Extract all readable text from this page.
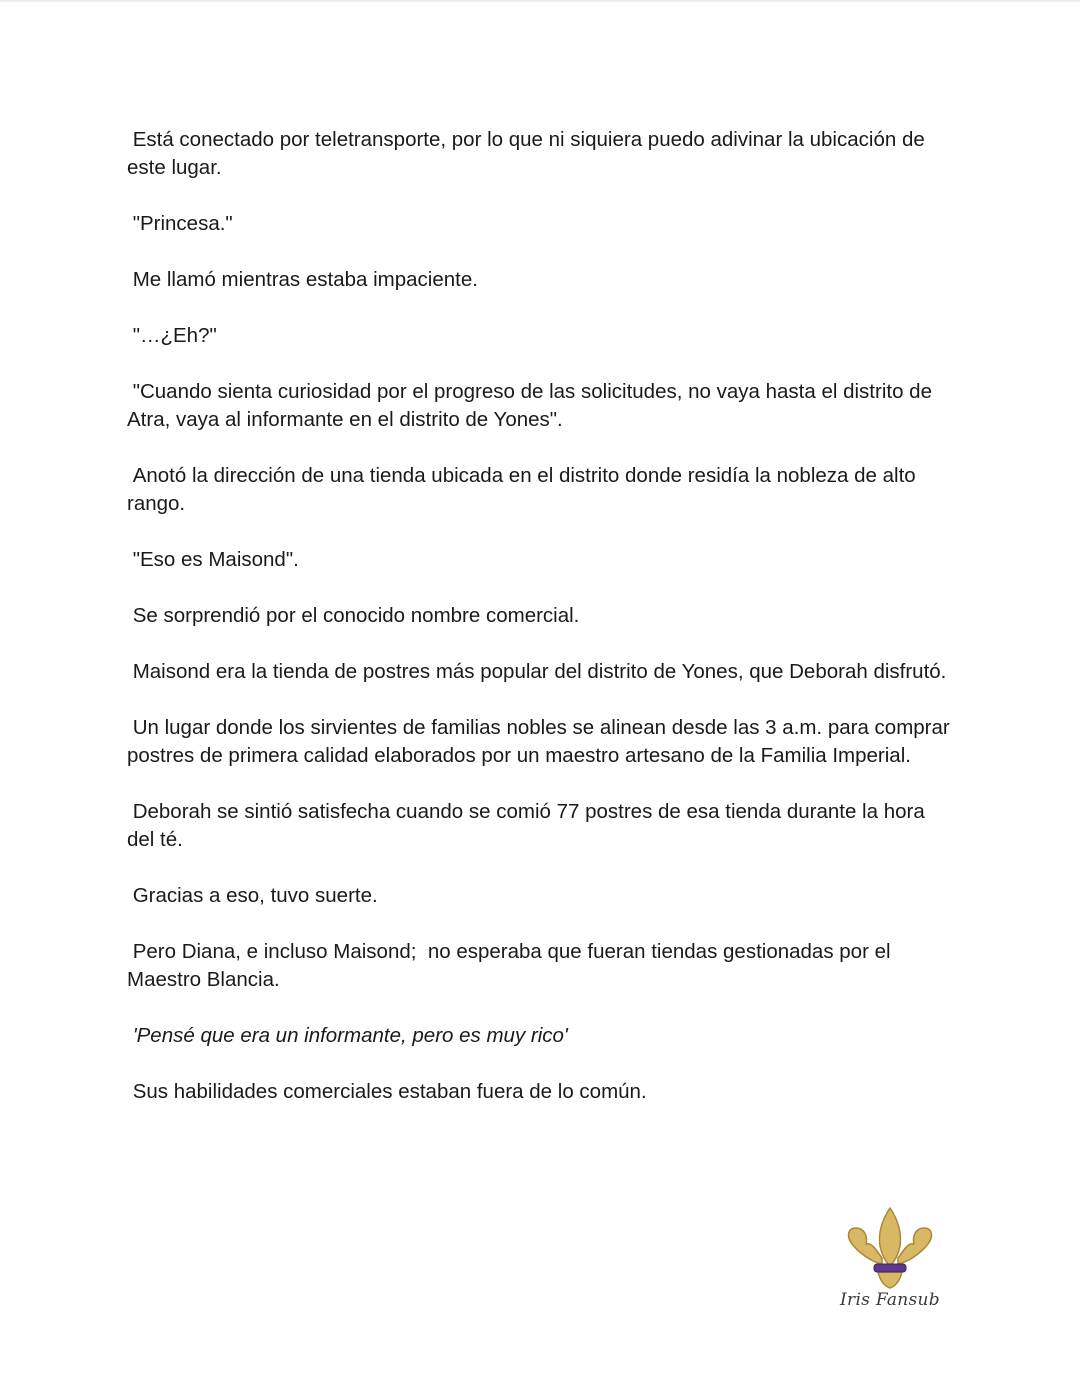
Está conectado por teletransporte, por lo que ni siquiera puedo adivinar la ubicación de este lugar.

"Princesa."

Me llamó mientras estaba impaciente.

"…¿Eh?"

"Cuando sienta curiosidad por el progreso de las solicitudes, no vaya hasta el distrito de Atra, vaya al informante en el distrito de Yones".

Anotó la dirección de una tienda ubicada en el distrito donde residía la nobleza de alto rango.

"Eso es Maisond".

Se sorprendió por el conocido nombre comercial.

Maisond era la tienda de postres más popular del distrito de Yones, que Deborah disfrutó.

Un lugar donde los sirvientes de familias nobles se alinean desde las 3 a.m. para comprar postres de primera calidad elaborados por un maestro artesano de la Familia Imperial.

Deborah se sintió satisfecha cuando se comió 77 postres de esa tienda durante la hora del té.

Gracias a eso, tuvo suerte.

Pero Diana, e incluso Maisond;  no esperaba que fueran tiendas gestionadas por el Maestro Blancia.

'Pensé que era un informante, pero es muy rico'

Sus habilidades comerciales estaban fuera de lo común.

Iris Fansub
